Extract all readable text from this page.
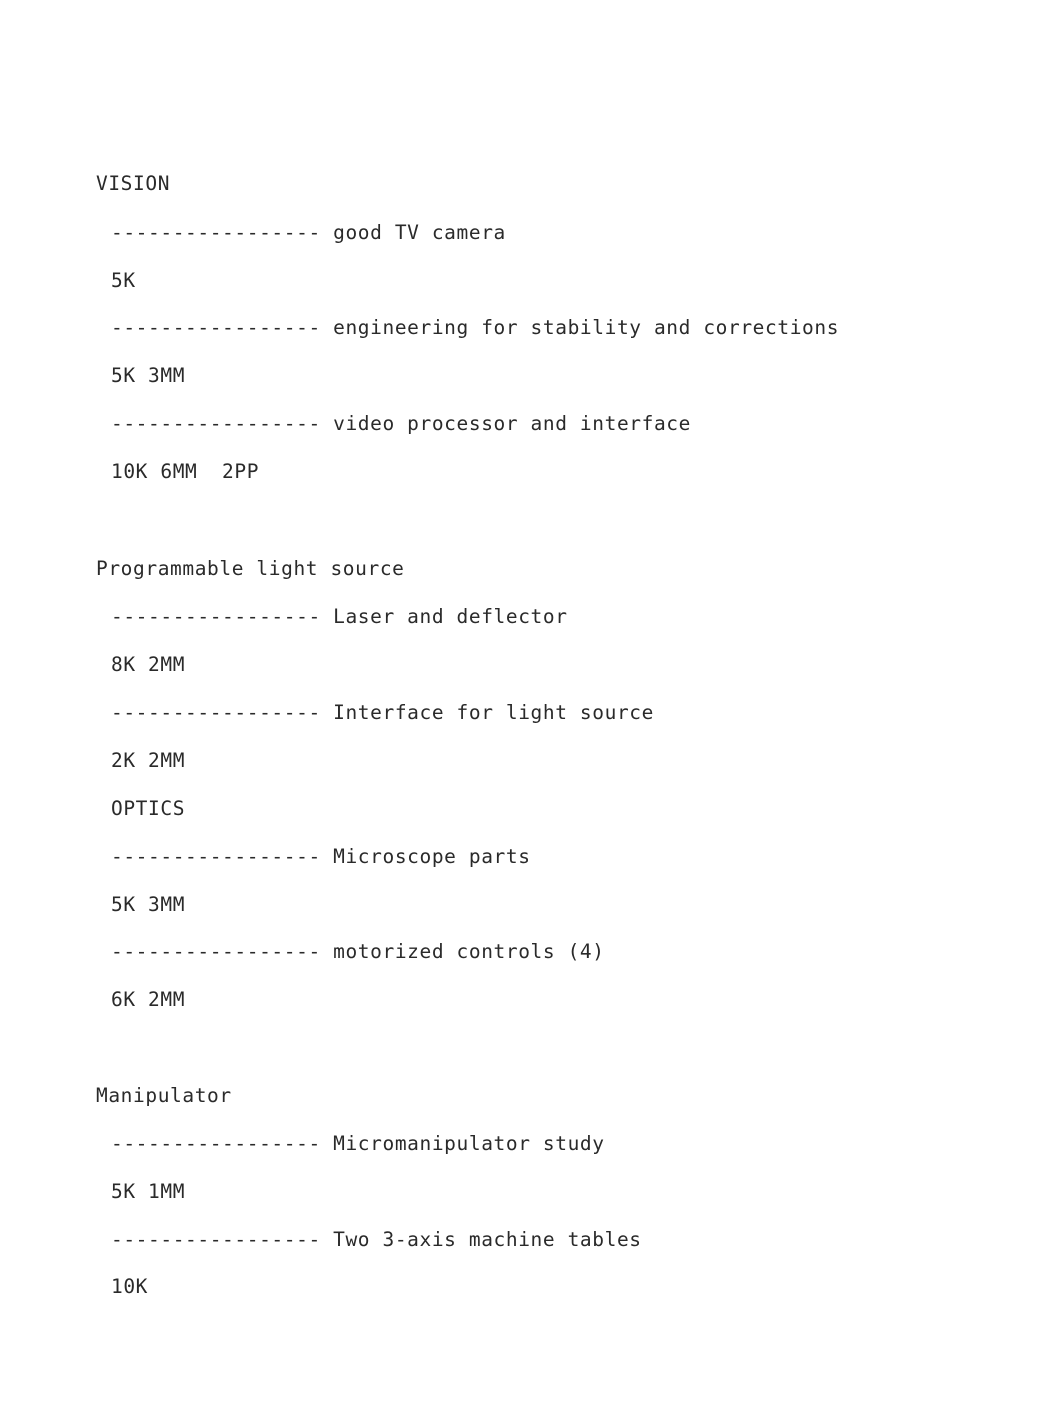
VISION

----------------- good TV camera

5K

----------------- engineering for stability and corrections

5K 3MM

----------------- video processor and interface

10K 6MM  2PP

Programmable light source

----------------- Laser and deflector

8K 2MM

----------------- Interface for light source

2K 2MM

OPTICS

----------------- Microscope parts

5K 3MM

----------------- motorized controls (4)

6K 2MM

Manipulator

----------------- Micromanipulator study

5K 1MM

----------------- Two 3-axis machine tables

10K
